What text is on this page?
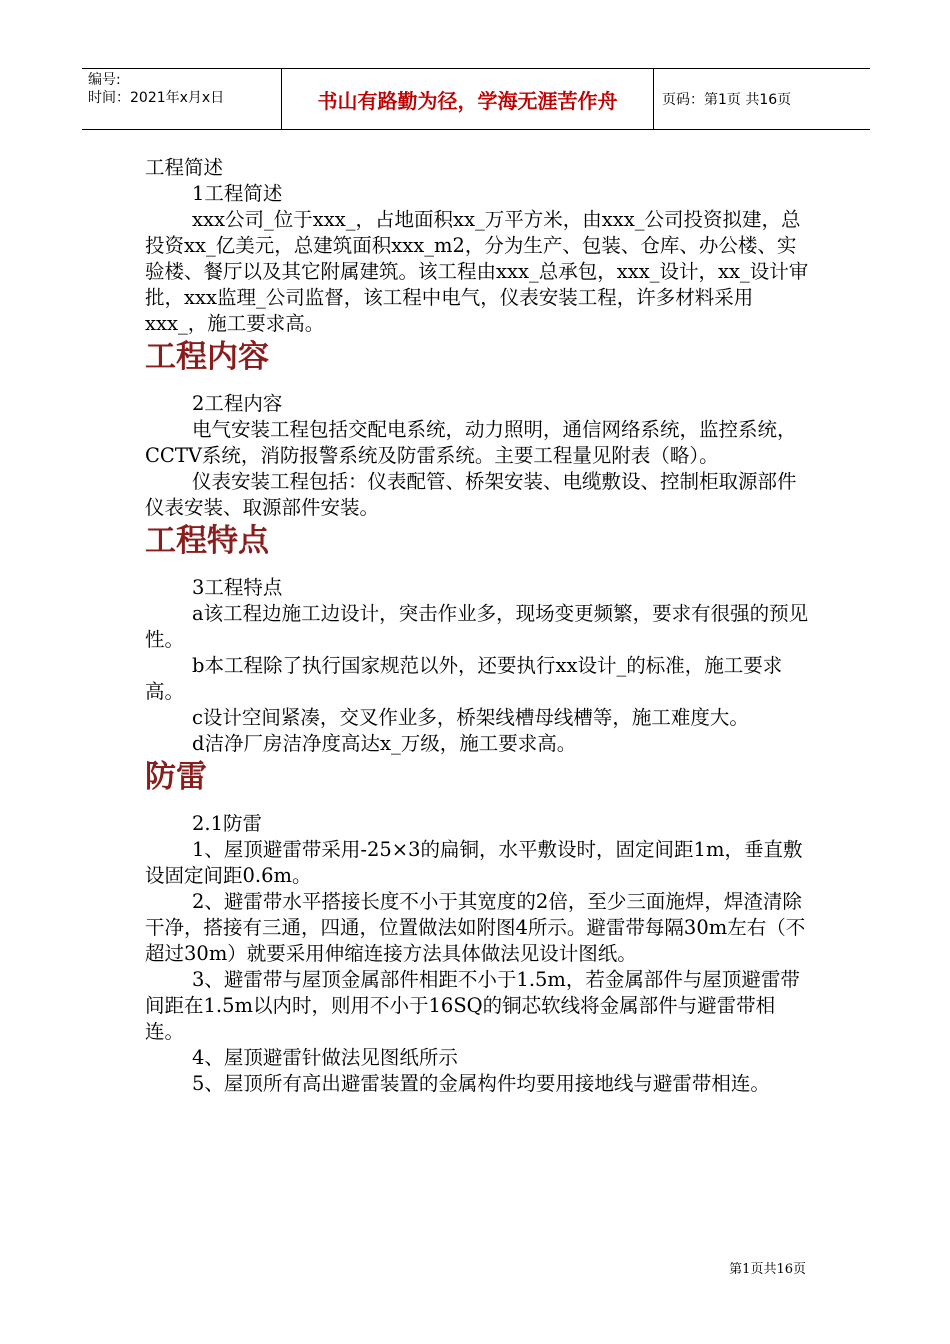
编号:
时间：2021年x月x日	书山有路勤为径，学海无涯苦作舟	页码：第1页 共16页

工程简述

1工程简述

xxx公司_位于xxx_，占地面积xx_万平方米，由xxx_公司投资拟建，总投资xx_亿美元，总建筑面积xxx_m2，分为生产、包装、仓库、办公楼、实验楼、餐厅以及其它附属建筑。该工程由xxx_总承包，xxx_设计，xx_设计审批，xxx监理_公司监督，该工程中电气，仪表安装工程，许多材料采用xxx_，施工要求高。

工程内容

2工程内容

电气安装工程包括交配电系统，动力照明，通信网络系统，监控系统，CCTV系统，消防报警系统及防雷系统。主要工程量见附表（略）。

仪表安装工程包括：仪表配管、桥架安装、电缆敷设、控制柜取源部件仪表安装、取源部件安装。

工程特点

3工程特点

a该工程边施工边设计，突击作业多，现场变更频繁，要求有很强的预见性。

b本工程除了执行国家规范以外，还要执行xx设计_的标准，施工要求高。

c设计空间紧凑，交叉作业多，桥架线槽母线槽等，施工难度大。

d洁净厂房洁净度高达x_万级，施工要求高。

防雷

2.1防雷

1、屋顶避雷带采用-25×3的扁铜，水平敷设时，固定间距1m，垂直敷设固定间距0.6m。

2、避雷带水平搭接长度不小于其宽度的2倍，至少三面施焊，焊渣清除干净，搭接有三通，四通，位置做法如附图4所示。避雷带每隔30m左右（不超过30m）就要采用伸缩连接方法具体做法见设计图纸。

3、避雷带与屋顶金属部件相距不小于1.5m，若金属部件与屋顶避雷带间距在1.5m以内时，则用不小于16SQ的铜芯软线将金属部件与避雷带相连。

4、屋顶避雷针做法见图纸所示

5、屋顶所有高出避雷装置的金属构件均要用接地线与避雷带相连。

第1页共16页
